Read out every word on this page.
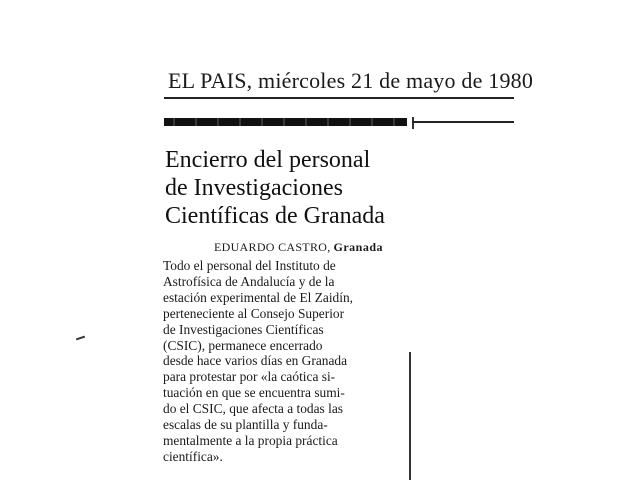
EL PAIS, miércoles 21 de mayo de 1980
Encierro del personal
de Investigaciones
Científicas de Granada
EDUARDO CASTRO, Granada
Todo el personal del Instituto de
Astrofísica de Andalucía y de la
estación experimental de El Zaidín,
perteneciente al Consejo Superior
de Investigaciones Científicas
(CSIC), permanece encerrado
desde hace varios días en Granada
para protestar por «la caótica si-
tuación en que se encuentra sumi-
do el CSIC, que afecta a todas las
escalas de su plantilla y funda-
mentalmente a la propia práctica
científica».
